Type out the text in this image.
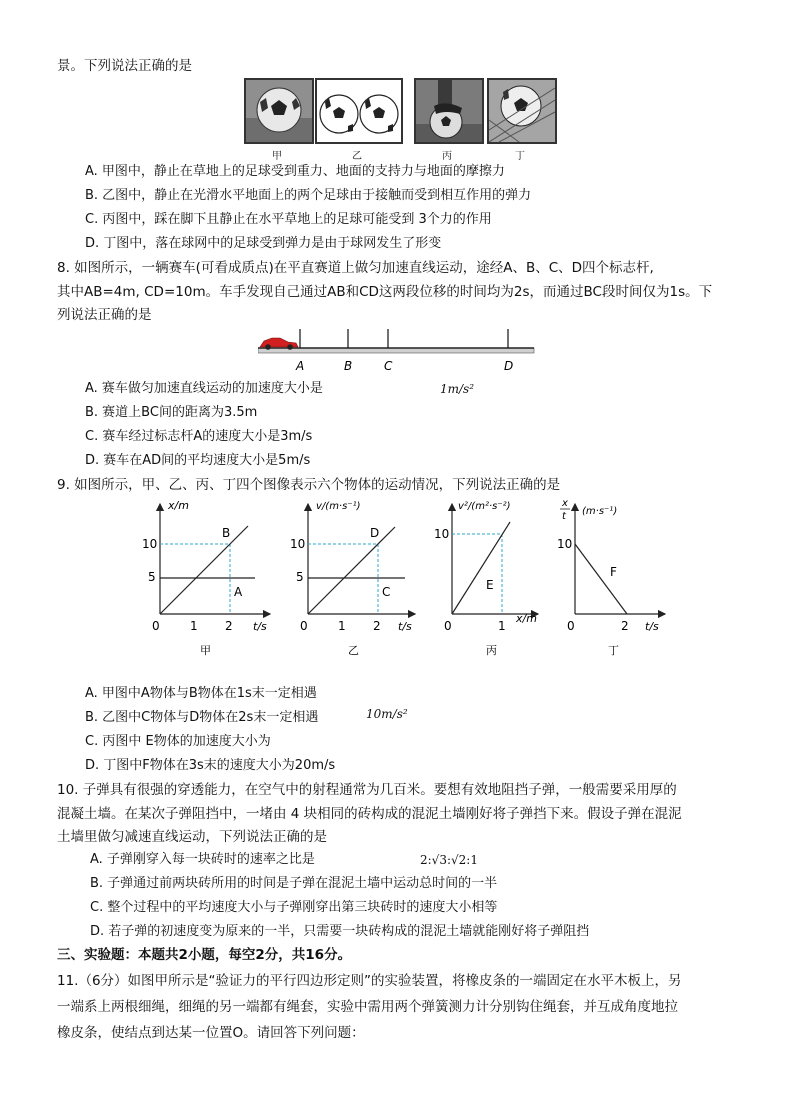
景。下列说法正确的是
甲	乙	丙	丁
A. 甲图中，静止在草地上的足球受到重力、地面的支持力与地面的摩擦力
B. 乙图中，静止在光滑水平地面上的两个足球由于接触而受到相互作用的弹力
C. 丙图中，踩在脚下且静止在水平草地上的足球可能受到 3个力的作用
D. 丁图中，落在球网中的足球受到弹力是由于球网发生了形变
8. 如图所示，一辆赛车(可看成质点)在平直赛道上做匀加速直线运动，途经A、B、C、D四个标志杆,
其中AB=4m, CD=10m。车手发现自己通过AB和CD这两段位移的时间均为2s，而通过BC段时间仅为1s。下
列说法正确的是
A	B	C	D
A. 赛车做匀加速直线运动的加速度大小是	1m/s²
B. 赛道上BC间的距离为3.5m
C. 赛车经过标志杆A的速度大小是3m/s
D. 赛车在AD间的平均速度大小是5m/s
9. 如图所示，甲、乙、丙、丁四个图像表示六个物体的运动情况，下列说法正确的是
x/m
t/s
10
5
0	1 2
B
A
甲
v/(m·s⁻¹)
t/s
10
5
0	1 2
D
C
乙
v²/(m²·s⁻²)
x/m
10
0	1
E
丙
x
t (m·s⁻¹)
t/s
10
0	2
F
丁
A. 甲图中A物体与B物体在1s末一定相遇
B. 乙图中C物体与D物体在2s末一定相遇
C. 丙图中 E物体的加速度大小为
10m/s²
D. 丁图中F物体在3s末的速度大小为20m/s
10. 子弹具有很强的穿透能力，在空气中的射程通常为几百米。要想有效地阻挡子弹，一般需要采用厚的
混凝土墙。在某次子弹阻挡中，一堵由 4 块相同的砖构成的混泥土墙刚好将子弹挡下来。假设子弹在混泥
土墙里做匀减速直线运动，下列说法正确的是
A. 子弹刚穿入每一块砖时的速率之比是	2:√3:√2:1
B. 子弹通过前两块砖所用的时间是子弹在混泥土墙中运动总时间的一半
C. 整个过程中的平均速度大小与子弹刚穿出第三块砖时的速度大小相等
D. 若子弹的初速度变为原来的一半，只需要一块砖构成的混泥土墙就能刚好将子弹阻挡
三、实验题：本题共2小题，每空2分，共16分。
11.（6分）如图甲所示是“验证力的平行四边形定则”的实验装置，将橡皮条的一端固定在水平木板上，另
一端系上两根细绳，细绳的另一端都有绳套，实验中需用两个弹簧测力计分别钩住绳套，并互成角度地拉
橡皮条，使结点到达某一位置O。请回答下列问题：
